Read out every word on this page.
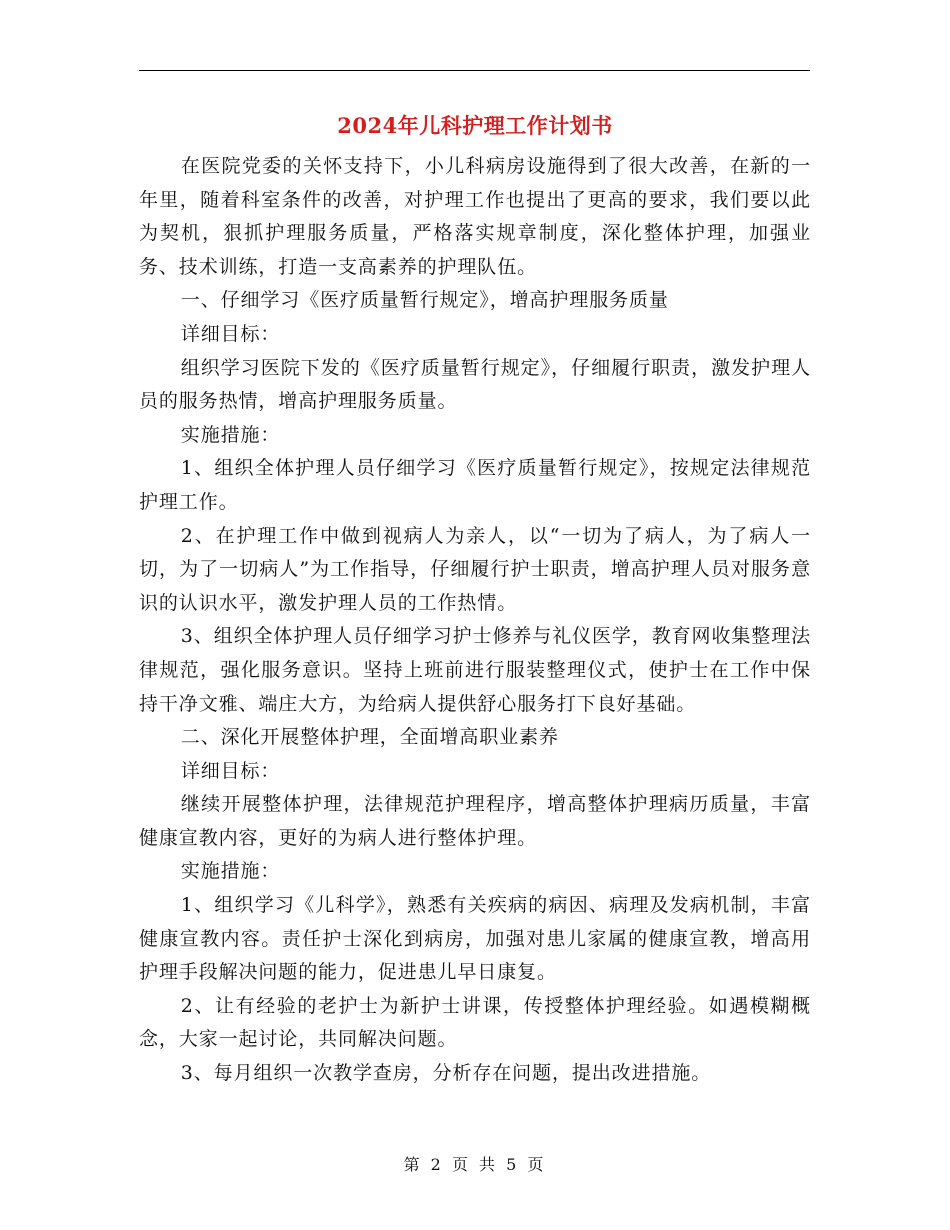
2024年儿科护理工作计划书

在医院党委的关怀支持下，小儿科病房设施得到了很大改善，在新的一年里，随着科室条件的改善，对护理工作也提出了更高的要求，我们要以此为契机，狠抓护理服务质量，严格落实规章制度，深化整体护理，加强业务、技术训练，打造一支高素养的护理队伍。

一、仔细学习《医疗质量暂行规定》，增高护理服务质量

详细目标：

组织学习医院下发的《医疗质量暂行规定》，仔细履行职责，激发护理人员的服务热情，增高护理服务质量。

实施措施：

1、组织全体护理人员仔细学习《医疗质量暂行规定》，按规定法律规范护理工作。

2、在护理工作中做到视病人为亲人，以“一切为了病人，为了病人一切，为了一切病人”为工作指导，仔细履行护士职责，增高护理人员对服务意识的认识水平，激发护理人员的工作热情。

3、组织全体护理人员仔细学习护士修养与礼仪医学，教育网收集整理法律规范，强化服务意识。坚持上班前进行服装整理仪式，使护士在工作中保持干净文雅、端庄大方，为给病人提供舒心服务打下良好基础。

二、深化开展整体护理，全面增高职业素养

详细目标：

继续开展整体护理，法律规范护理程序，增高整体护理病历质量，丰富健康宣教内容，更好的为病人进行整体护理。

实施措施：

1、组织学习《儿科学》，熟悉有关疾病的病因、病理及发病机制，丰富健康宣教内容。责任护士深化到病房，加强对患儿家属的健康宣教，增高用护理手段解决问题的能力，促进患儿早日康复。

2、让有经验的老护士为新护士讲课，传授整体护理经验。如遇模糊概念，大家一起讨论，共同解决问题。

3、每月组织一次教学查房，分析存在问题，提出改进措施。

第 2 页 共 5 页
